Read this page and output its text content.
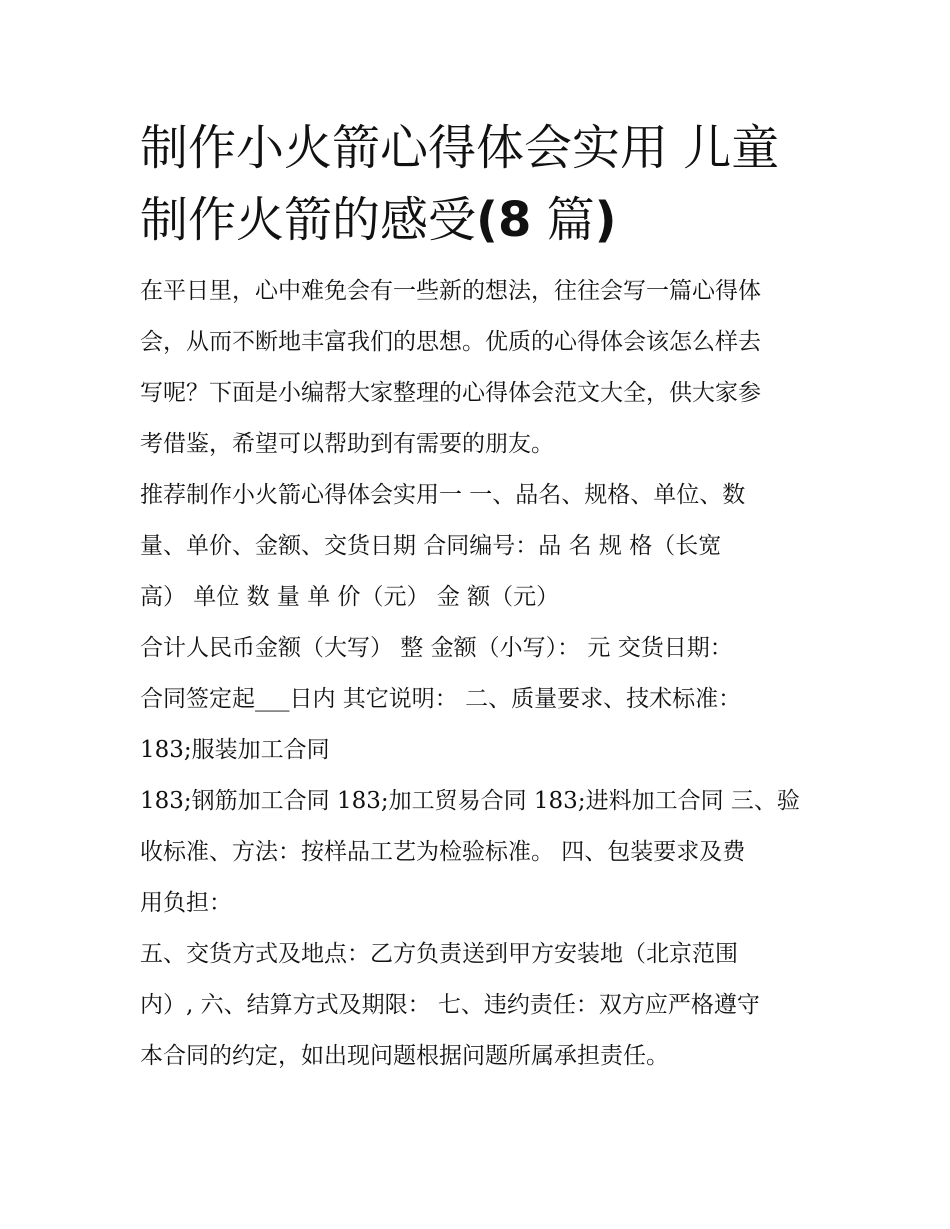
制作小火箭心得体会实用 儿童
制作火箭的感受(8 篇)
在平日里，心中难免会有一些新的想法，往往会写一篇心得体
会，从而不断地丰富我们的思想。优质的心得体会该怎么样去
写呢？下面是小编帮大家整理的心得体会范文大全，供大家参
考借鉴，希望可以帮助到有需要的朋友。
推荐制作小火箭心得体会实用一 一、品名、规格、单位、数
量、单价、金额、交货日期 合同编号：品 名 规 格（长宽
高） 单位 数 量 单 价（元） 金 额（元）
合计人民币金额（大写） 整 金额（小写）： 元 交货日期：
合同签定起___日内 其它说明： 二、质量要求、技术标准：
183;服装加工合同
183;钢筋加工合同 183;加工贸易合同 183;进料加工合同 三、验
收标准、方法：按样品工艺为检验标准。 四、包装要求及费
用负担：
五、交货方式及地点：乙方负责送到甲方安装地（北京范围
内）, 六、结算方式及期限： 七、违约责任：双方应严格遵守
本合同的约定，如出现问题根据问题所属承担责任。
